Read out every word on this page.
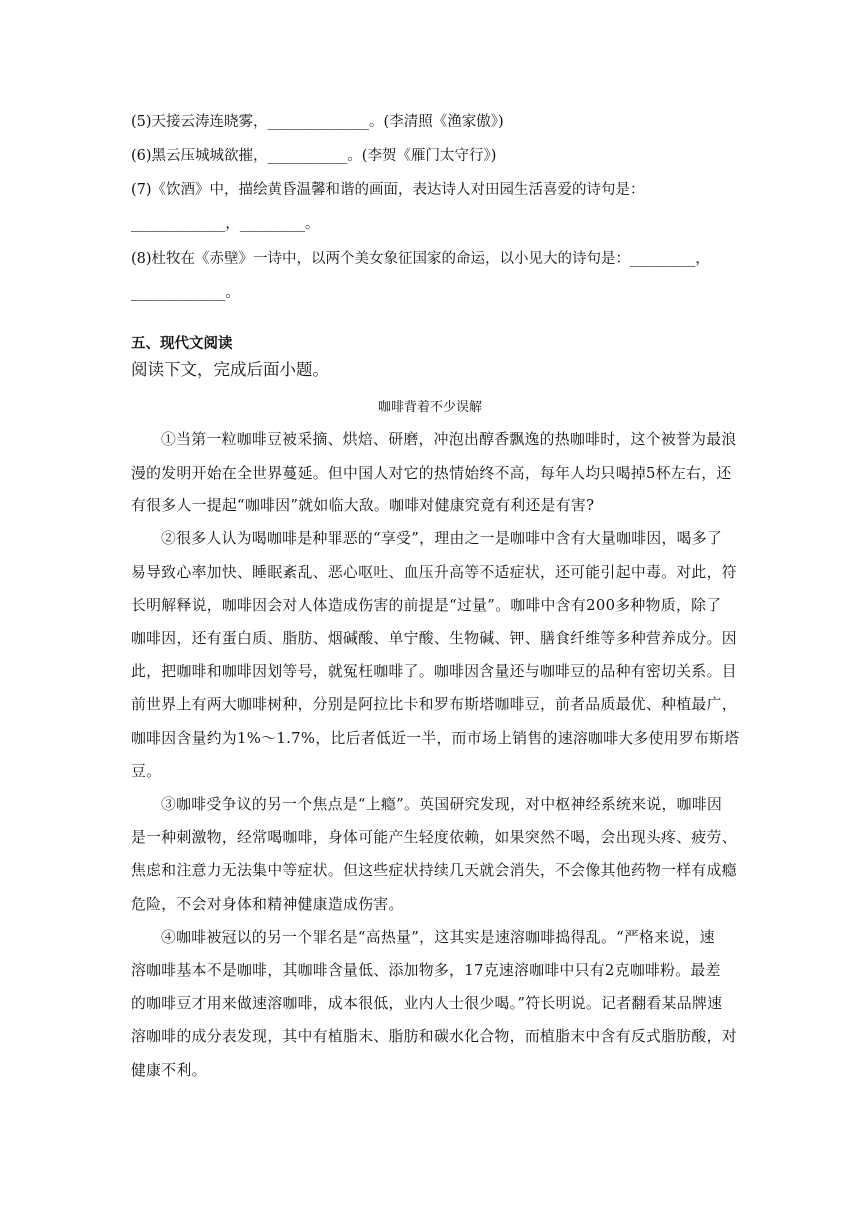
(5)天接云涛连晓雾，______________。(李清照《渔家傲》)
(6)黑云压城城欲摧，___________。(李贺《雁门太守行》)
(7)《饮酒》中，描绘黄昏温馨和谐的画面，表达诗人对田园生活喜爱的诗句是：
_____________，_________。
(8)杜牧在《赤壁》一诗中，以两个美女象征国家的命运，以小见大的诗句是：_________，
_____________。
五、现代文阅读
阅读下文，完成后面小题。
咖啡背着不少误解
①当第一粒咖啡豆被采摘、烘焙、研磨，冲泡出醇香飘逸的热咖啡时，这个被誉为最浪
漫的发明开始在全世界蔓延。但中国人对它的热情始终不高，每年人均只喝掉5杯左右，还
有很多人一提起“咖啡因”就如临大敌。咖啡对健康究竟有利还是有害?
②很多人认为喝咖啡是种罪恶的“享受”，理由之一是咖啡中含有大量咖啡因，喝多了
易导致心率加快、睡眠紊乱、恶心呕吐、血压升高等不适症状，还可能引起中毒。对此，符
长明解释说，咖啡因会对人体造成伤害的前提是“过量”。咖啡中含有200多种物质，除了
咖啡因，还有蛋白质、脂肪、烟碱酸、单宁酸、生物碱、钾、膳食纤维等多种营养成分。因
此，把咖啡和咖啡因划等号，就冤枉咖啡了。咖啡因含量还与咖啡豆的品种有密切关系。目
前世界上有两大咖啡树种，分别是阿拉比卡和罗布斯塔咖啡豆，前者品质最优、种植最广，
咖啡因含量约为1%～1.7%，比后者低近一半，而市场上销售的速溶咖啡大多使用罗布斯塔
豆。
③咖啡受争议的另一个焦点是“上瘾”。英国研究发现，对中枢神经系统来说，咖啡因
是一种刺激物，经常喝咖啡，身体可能产生轻度依赖，如果突然不喝，会出现头疼、疲劳、
焦虑和注意力无法集中等症状。但这些症状持续几天就会消失，不会像其他药物一样有成瘾
危险，不会对身体和精神健康造成伤害。
④咖啡被冠以的另一个罪名是“高热量”，这其实是速溶咖啡捣得乱。“严格来说，速
溶咖啡基本不是咖啡，其咖啡含量低、添加物多，17克速溶咖啡中只有2克咖啡粉。最差
的咖啡豆才用来做速溶咖啡，成本很低，业内人士很少喝。”符长明说。记者翻看某品牌速
溶咖啡的成分表发现，其中有植脂末、脂肪和碳水化合物，而植脂末中含有反式脂肪酸，对
健康不利。
